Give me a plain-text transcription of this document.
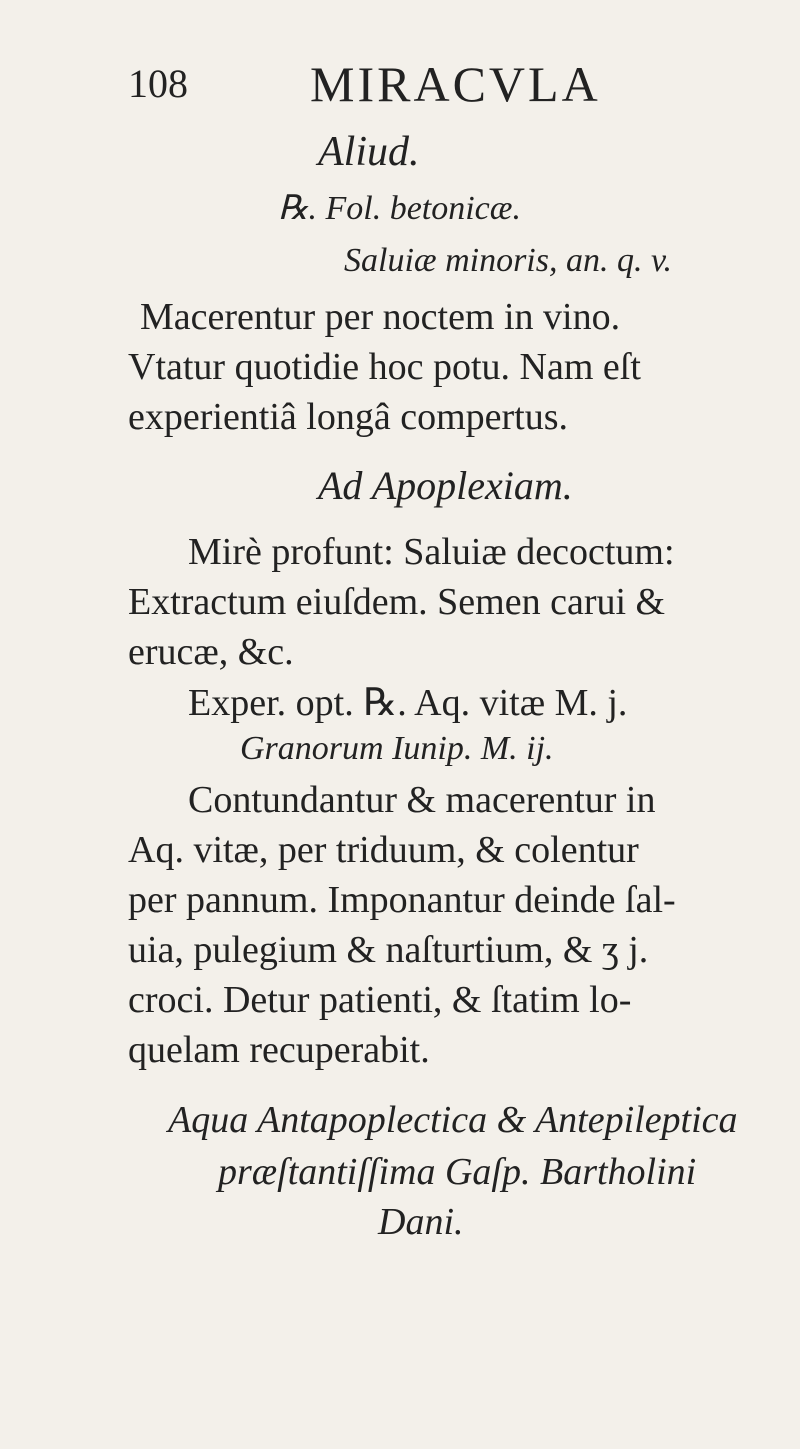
108 MIRACVLA
Aliud.
℞. Fol. betonicæ.
Saluiæ minoris, an. q. v.
Macerentur per noctem in vino.
Vtatur quotidie hoc potu. Nam eſt
experientiâ longâ compertus.
Ad Apoplexiam.
Mirè profunt: Saluiæ decoctum:
Extractum eiuſdem. Semen carui &
erucæ, &c.
Exper. opt. ℞. Aq. vitæ M. j.
Granorum Iunip. M. ij.
Contundantur & macerentur in
Aq. vitæ, per triduum, & colentur
per pannum. Imponantur deinde ſal-
uia, pulegium & naſturtium, & ʒ j.
croci. Detur patienti, & ſtatim lo-
quelam recuperabit.
Aqua Antapoplectica & Antepileptica
præſtantiſſima Gaſp. Bartholini
Dani.
